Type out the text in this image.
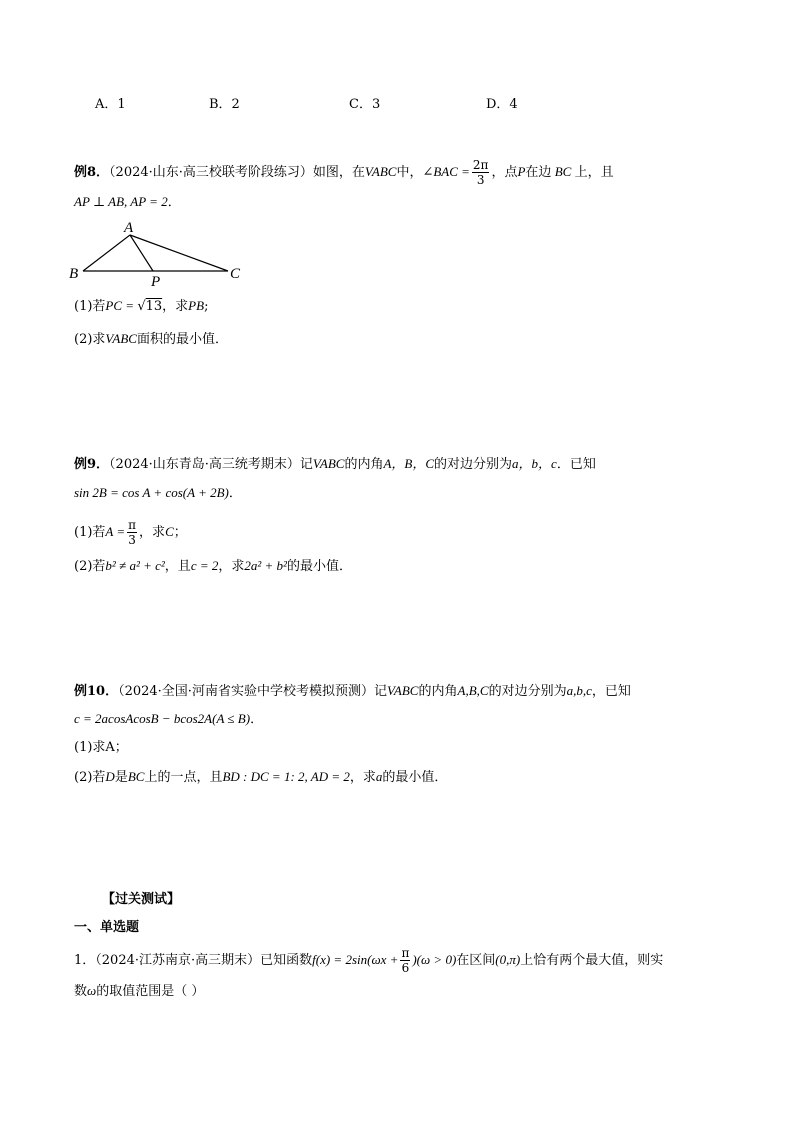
A．1	B．2	C．3	D．4
例8．（2024·山东·高三校联考阶段练习）如图，在VABC中，∠BAC = $\frac{2\pi}{3}$ ，点P在边 BC 上，且
AP ⊥ AB, AP = 2．
A
B	C
P
(1)若PC = √13，求PB;
(2)求VABC面积的最小值．
例9．（2024·山东青岛·高三统考期末）记VABC的内角A，B，C的对边分别为a，b，c．已知
sin 2B = cos A + cos(A + 2B)．
(1)若$A = \frac{\pi}{3}$ ，求C；
(2)若b² ≠ a² + c²，且c = 2，求2a² + b²的最小值．
例10．（2024·全国·河南省实验中学校考模拟预测）记VABC的内角A,B,C的对边分别为a,b,c，已知
c = 2acosAcosB − bcos2A(A ≤ B)．
(1)求A；
(2)若D是BC上的一点，且BD : DC = 1: 2, AD = 2，求a的最小值．
【过关测试】
一、单选题
1．（2024·江苏南京·高三期末）已知函数$f(x) = 2\sin(\omega x + \frac{\pi}{6} )(\omega > 0)$在区间(0,π)上恰有两个最大值，则实
数ω的取值范围是（ ）
